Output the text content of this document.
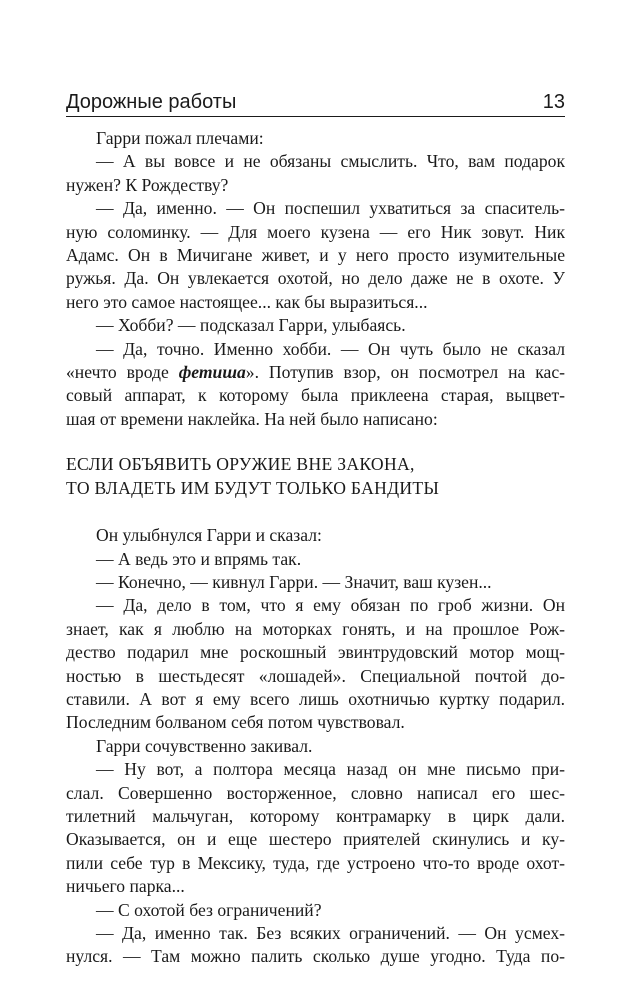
Дорожные работы	13

Гарри пожал плечами:

— А вы вовсе и не обязаны смыслить. Что, вам подарок
нужен? К Рождеству?

— Да, именно. — Он поспешил ухватиться за спаситель-
ную соломинку. — Для моего кузена — его Ник зовут. Ник
Адамс. Он в Мичигане живет, и у него просто изумительные
ружья. Да. Он увлекается охотой, но дело даже не в охоте. У
него это самое настоящее... как бы выразиться...

— Хобби? — подсказал Гарри, улыбаясь.

— Да, точно. Именно хобби. — Он чуть было не сказал
«нечто вроде фетиша». Потупив взор, он посмотрел на кас-
совый аппарат, к которому была приклеена старая, выцвет-
шая от времени наклейка. На ней было написано:

ЕСЛИ ОБЪЯВИТЬ ОРУЖИЕ ВНЕ ЗАКОНА,
ТО ВЛАДЕТЬ ИМ БУДУТ ТОЛЬКО БАНДИТЫ

Он улыбнулся Гарри и сказал:

— А ведь это и впрямь так.

— Конечно, — кивнул Гарри. — Значит, ваш кузен...

— Да, дело в том, что я ему обязан по гроб жизни. Он
знает, как я люблю на моторках гонять, и на прошлое Рож-
дество подарил мне роскошный эвинтрудовский мотор мощ-
ностью в шестьдесят «лошадей». Специальной почтой до-
ставили. А вот я ему всего лишь охотничью куртку подарил.
Последним болваном себя потом чувствовал.

Гарри сочувственно закивал.

— Ну вот, а полтора месяца назад он мне письмо при-
слал. Совершенно восторженное, словно написал его шес-
тилетний мальчуган, которому контрамарку в цирк дали.
Оказывается, он и еще шестеро приятелей скинулись и ку-
пили себе тур в Мексику, туда, где устроено что-то вроде охот-
ничьего парка...

— С охотой без ограничений?

— Да, именно так. Без всяких ограничений. — Он усмех-
нулся. — Там можно палить сколько душе угодно. Туда по-
